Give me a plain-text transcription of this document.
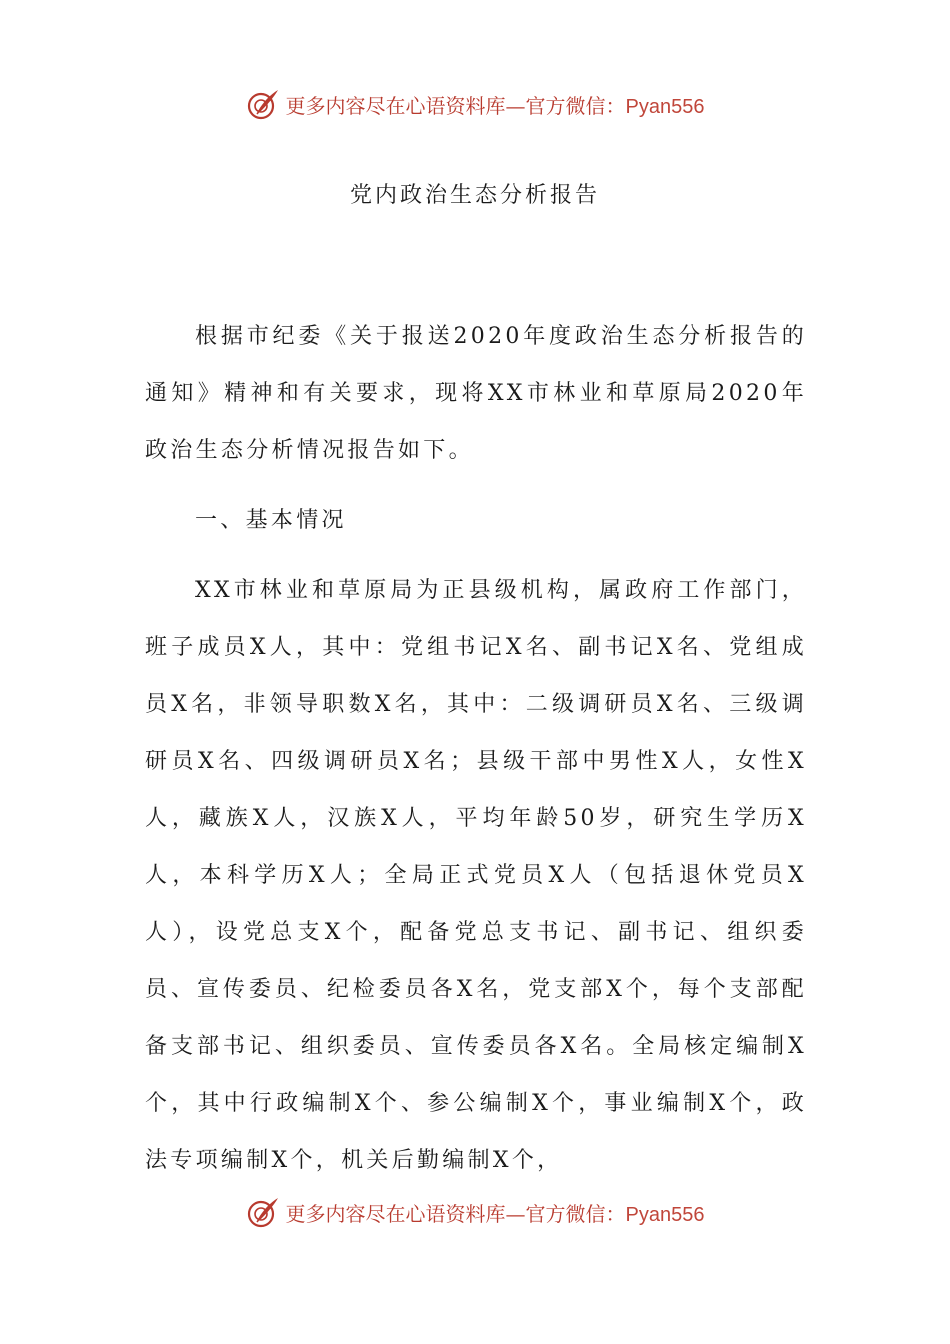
更多内容尽在心语资料库—官方微信：Pyan556
党内政治生态分析报告

根据市纪委《关于报送2020年度政治生态分析报告的通知》精神和有关要求，现将XX市林业和草原局2020年政治生态分析情况报告如下。

一、基本情况

XX市林业和草原局为正县级机构，属政府工作部门，班子成员X人，其中：党组书记X名、副书记X名、党组成员X名，非领导职数X名，其中：二级调研员X名、三级调研员X名、四级调研员X名；县级干部中男性X人，女性X人，藏族X人，汉族X人，平均年龄50岁，研究生学历X人，本科学历X人；全局正式党员X人（包括退休党员X人），设党总支X个，配备党总支书记、副书记、组织委员、宣传委员、纪检委员各X名，党支部X个，每个支部配备支部书记、组织委员、宣传委员各X名。全局核定编制X个，其中行政编制X个、参公编制X个，事业编制X个，政法专项编制X个，机关后勤编制X个，

更多内容尽在心语资料库—官方微信：Pyan556
